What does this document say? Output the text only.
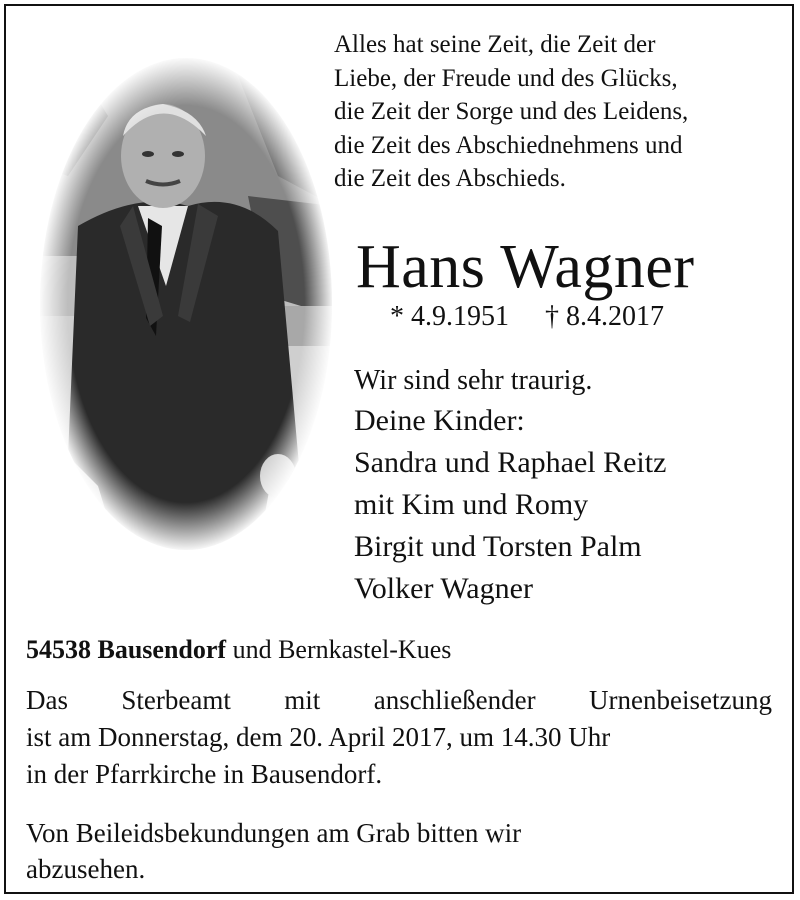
Alles hat seine Zeit, die Zeit der
Liebe, der Freude und des Glücks,
die Zeit der Sorge und des Leidens,
die Zeit des Abschiednehmens und
die Zeit des Abschieds.
Hans Wagner
* 4.9.1951 † 8.4.2017
Wir sind sehr traurig.
Deine Kinder:
Sandra und Raphael Reitz
mit Kim und Romy
Birgit und Torsten Palm
Volker Wagner
54538 Bausendorf und Bernkastel-Kues
Das Sterbeamt mit anschließender Urnenbeisetzung
ist am Donnerstag, dem 20. April 2017, um 14.30 Uhr
in der Pfarrkirche in Bausendorf.
Von Beileidsbekundungen am Grab bitten wir
abzusehen.
